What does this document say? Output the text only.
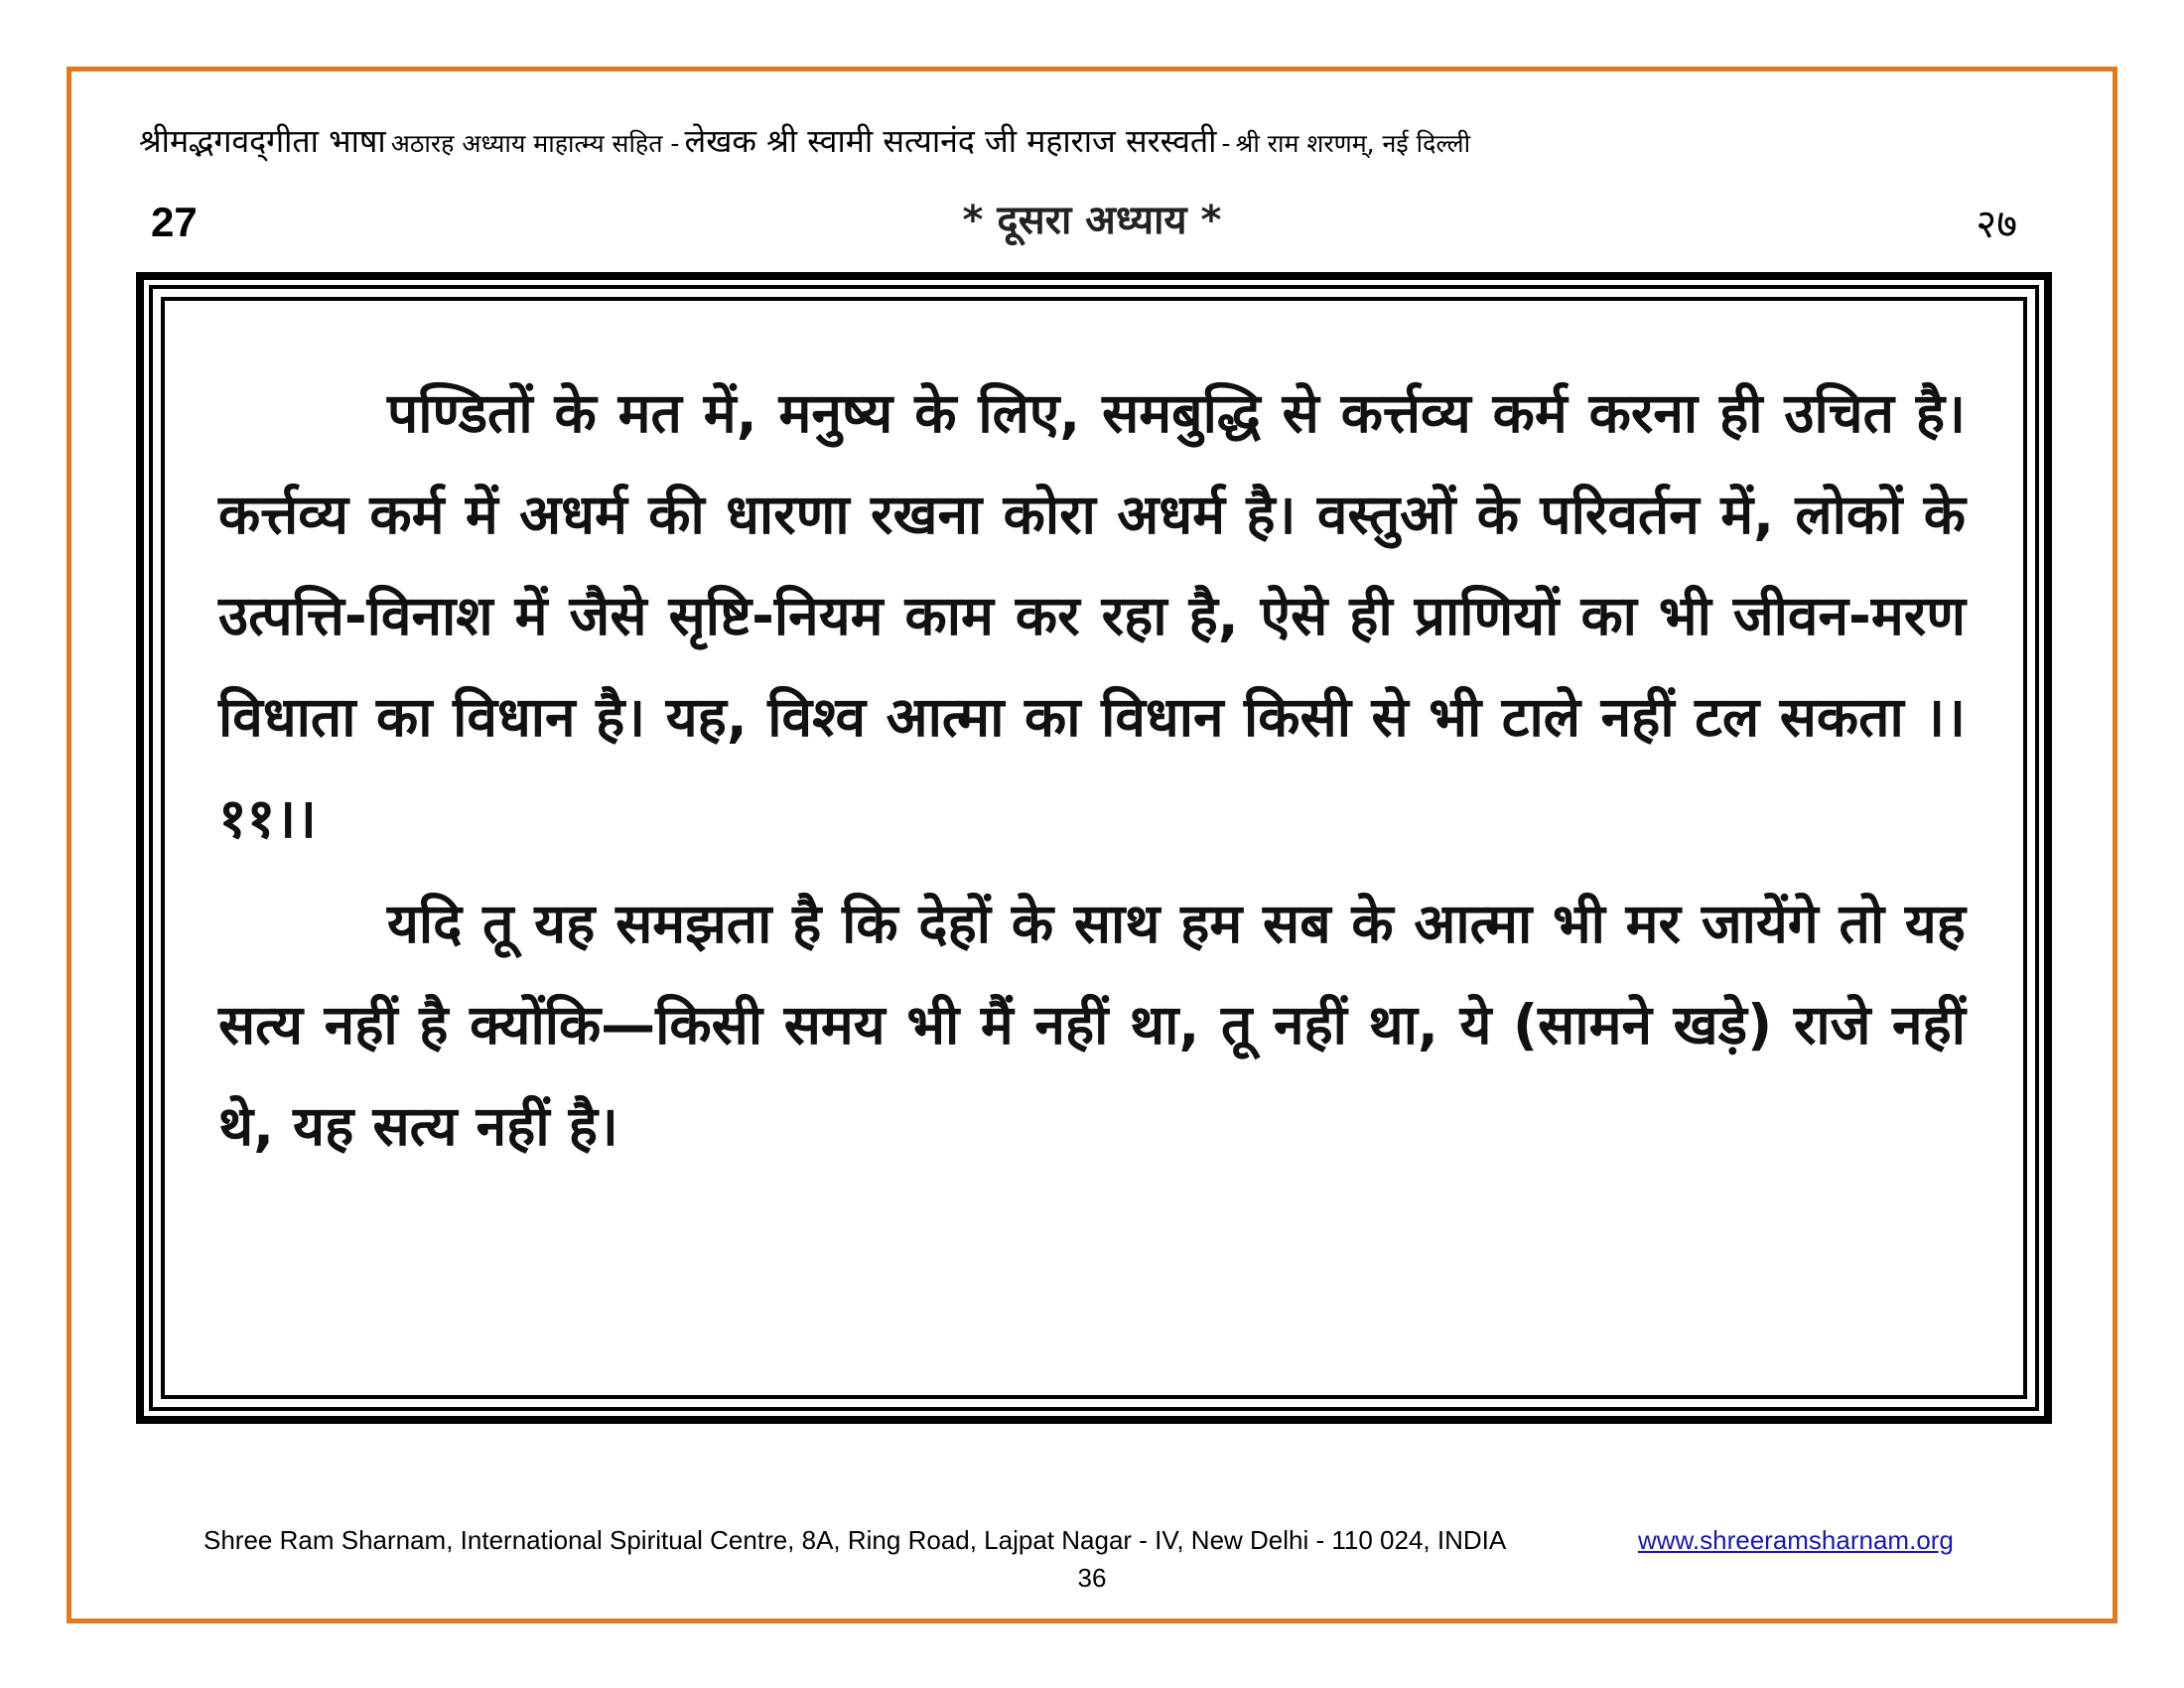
श्रीमद्भगवद्‌गीता भाषा अठारह अध्याय माहात्म्य सहित - लेखक श्री स्वामी सत्यानंद जी महाराज सरस्वती - श्री राम शरणम्, नई दिल्ली
27	* दूसरा अध्याय *	२७

पण्डितों के मत में, मनुष्य के लिए, समबुद्धि से कर्त्तव्य कर्म करना ही उचित है। कर्त्तव्य कर्म में अधर्म की धारणा रखना कोरा अधर्म है। वस्तुओं के परिवर्तन में, लोकों के उत्पत्ति-विनाश में जैसे सृष्टि-नियम काम कर रहा है, ऐसे ही प्राणियों का भी जीवन-मरण विधाता का विधान है। यह, विश्व आत्मा का विधान किसी से भी टाले नहीं टल सकता ।।११।।

यदि तू यह समझता है कि देहों के साथ हम सब के आत्मा भी मर जायेंगे तो यह सत्य नहीं है क्योंकि—किसी समय भी मैं नहीं था, तू नहीं था, ये (सामने खड़े) राजे नहीं थे, यह सत्य नहीं है।

Shree Ram Sharnam, International Spiritual Centre, 8A, Ring Road, Lajpat Nagar - IV, New Delhi - 110 024, INDIA	www.shreeramsharnam.org
36
